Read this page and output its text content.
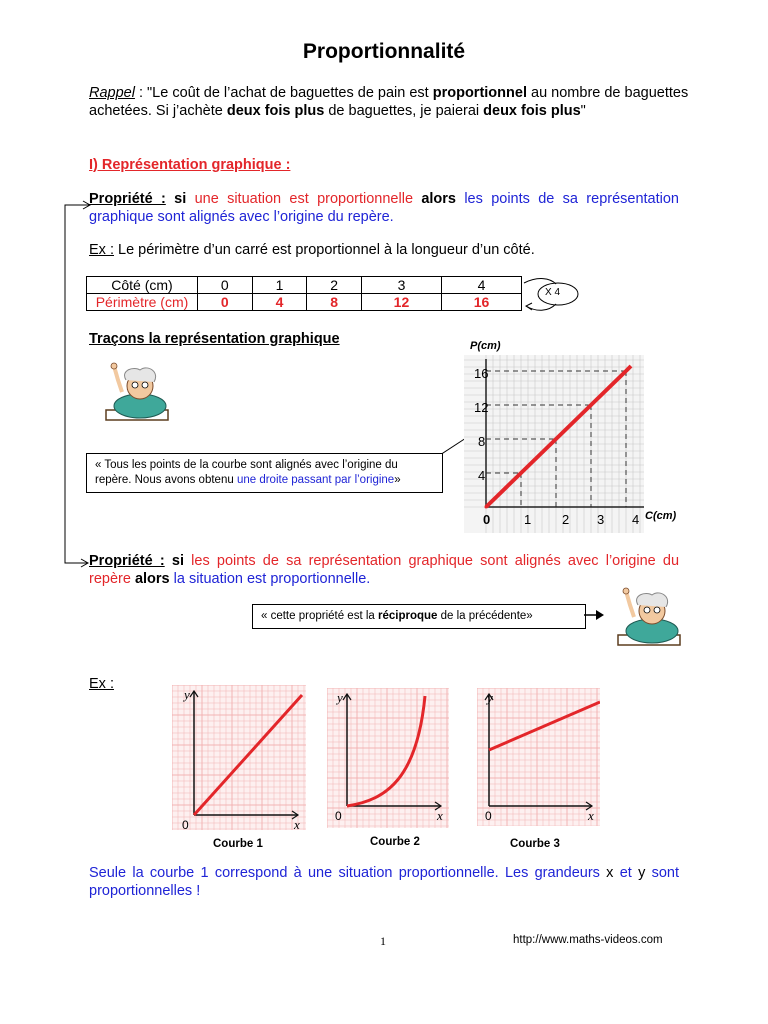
Proportionnalité
Rappel : "Le coût de l’achat de baguettes de pain est proportionnel au nombre de baguettes achetées. Si j’achète deux fois plus de baguettes, je paierai deux fois plus"
I) Représentation graphique :
Propriété : si une situation est proportionnelle alors les points de sa représentation graphique sont alignés avec l’origine du repère.
Ex : Le périmètre d’un carré est proportionnel à la longueur d’un côté.
Côté (cm)	0	1	2	3	4
Périmètre (cm)	0	4	8	12	16
X 4
Traçons la représentation graphique
« Tous les points de la courbe sont alignés avec l’origine du repère. Nous avons obtenu une droite passant par l’origine»
P(cm)
C(cm)
0
16
12
8
4
1 2 3 4
Propriété : si les points de sa représentation graphique sont alignés avec l’origine du repère alors la situation est proportionnelle.
« cette propriété est la réciproque de la précédente»
Ex :
y
x
0
y
x
0
y
x
0
Courbe 1	Courbe 2	Courbe 3
Seule la courbe 1 correspond à une situation proportionnelle. Les grandeurs x et y sont proportionnelles !
1	http://www.maths-videos.com
